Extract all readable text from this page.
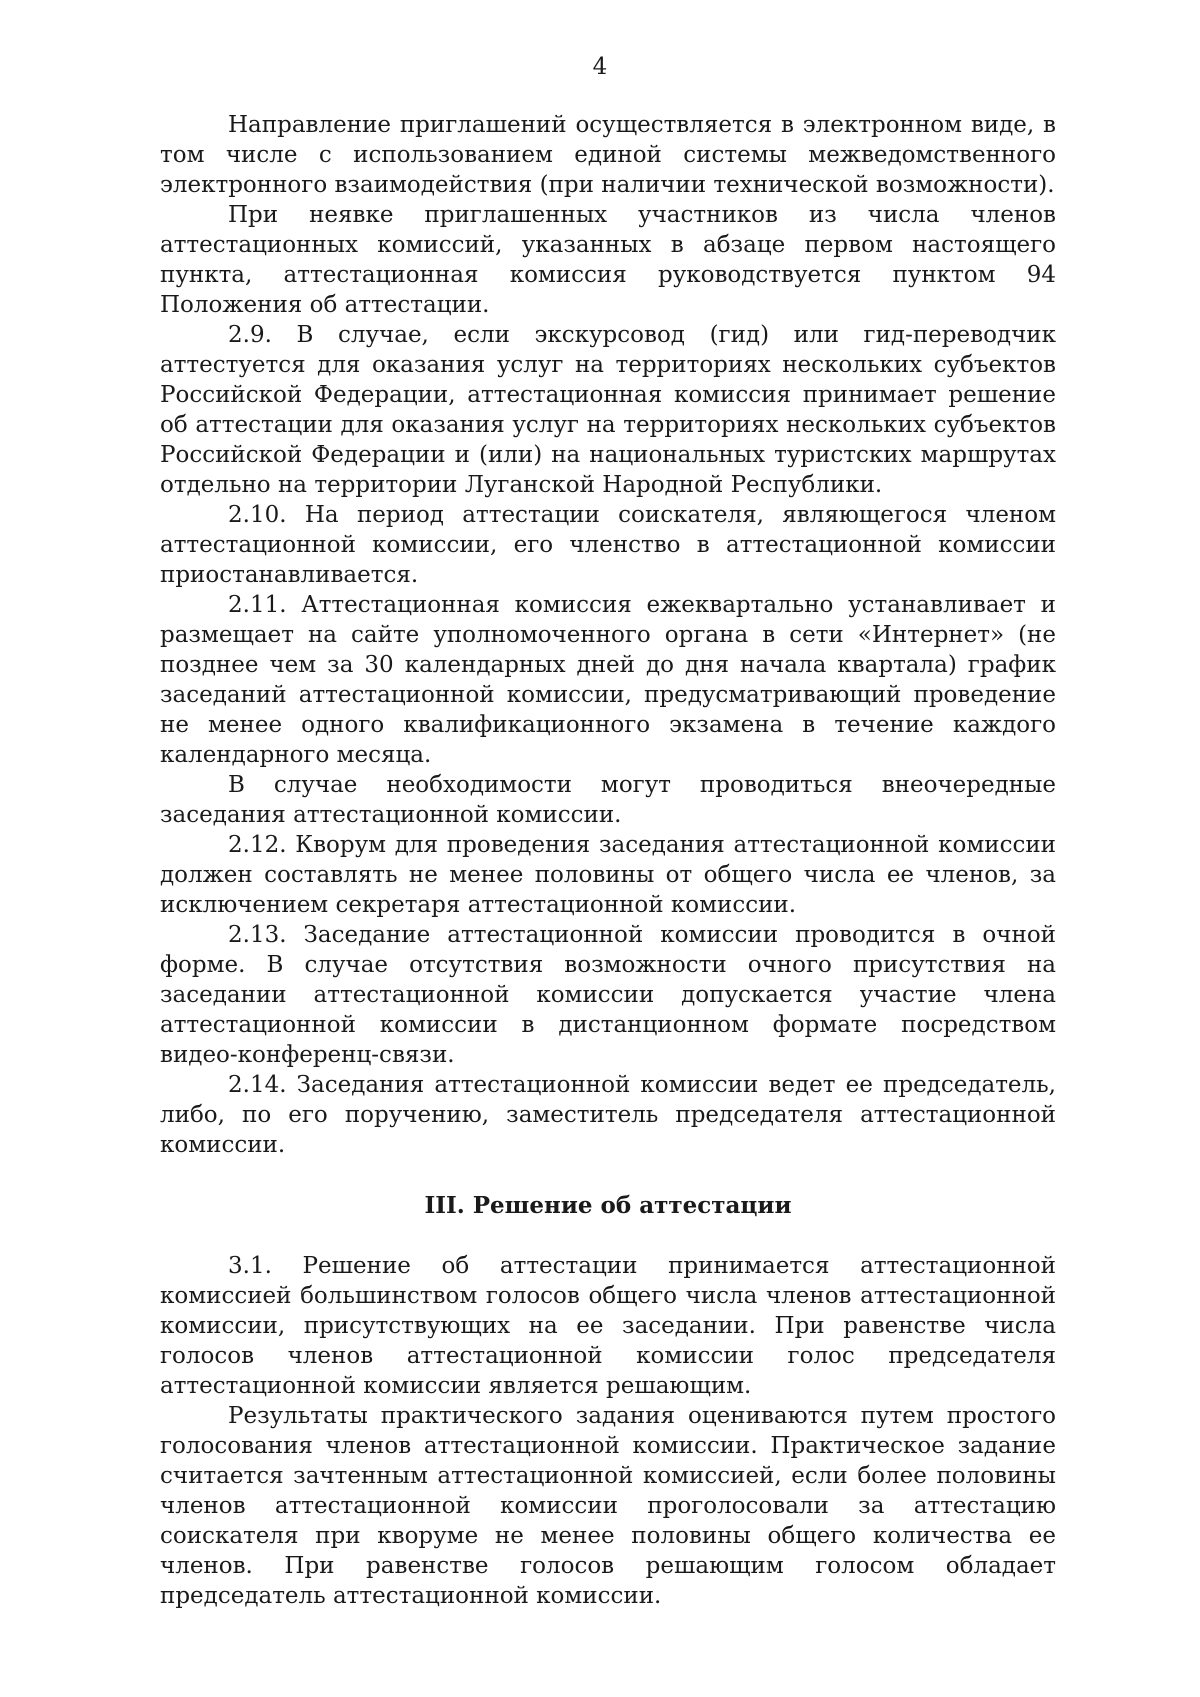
4

Направление приглашений осуществляется в электронном виде, в том числе с использованием единой системы межведомственного электронного взаимодействия (при наличии технической возможности).

При неявке приглашенных участников из числа членов аттестационных комиссий, указанных в абзаце первом настоящего пункта, аттестационная комиссия руководствуется пунктом 94 Положения об аттестации.

2.9. В случае, если экскурсовод (гид) или гид-переводчик аттестуется для оказания услуг на территориях нескольких субъектов Российской Федерации, аттестационная комиссия принимает решение об аттестации для оказания услуг на территориях нескольких субъектов Российской Федерации и (или) на национальных туристских маршрутах отдельно на территории Луганской Народной Республики.

2.10. На период аттестации соискателя, являющегося членом аттестационной комиссии, его членство в аттестационной комиссии приостанавливается.

2.11. Аттестационная комиссия ежеквартально устанавливает и размещает на сайте уполномоченного органа в сети «Интернет» (не позднее чем за 30 календарных дней до дня начала квартала) график заседаний аттестационной комиссии, предусматривающий проведение не менее одного квалификационного экзамена в течение каждого календарного месяца.

В случае необходимости могут проводиться внеочередные заседания аттестационной комиссии.

2.12. Кворум для проведения заседания аттестационной комиссии должен составлять не менее половины от общего числа ее членов, за исключением секретаря аттестационной комиссии.

2.13. Заседание аттестационной комиссии проводится в очной форме. В случае отсутствия возможности очного присутствия на заседании аттестационной комиссии допускается участие члена аттестационной комиссии в дистанционном формате посредством видео-конференц-связи.

2.14. Заседания аттестационной комиссии ведет ее председатель, либо, по его поручению, заместитель председателя аттестационной комиссии.

III. Решение об аттестации

3.1. Решение об аттестации принимается аттестационной комиссией большинством голосов общего числа членов аттестационной комиссии, присутствующих на ее заседании. При равенстве числа голосов членов аттестационной комиссии голос председателя аттестационной комиссии является решающим.

Результаты практического задания оцениваются путем простого голосования членов аттестационной комиссии. Практическое задание считается зачтенным аттестационной комиссией, если более половины членов аттестационной комиссии проголосовали за аттестацию соискателя при кворуме не менее половины общего количества ее членов. При равенстве голосов решающим голосом обладает председатель аттестационной комиссии.
